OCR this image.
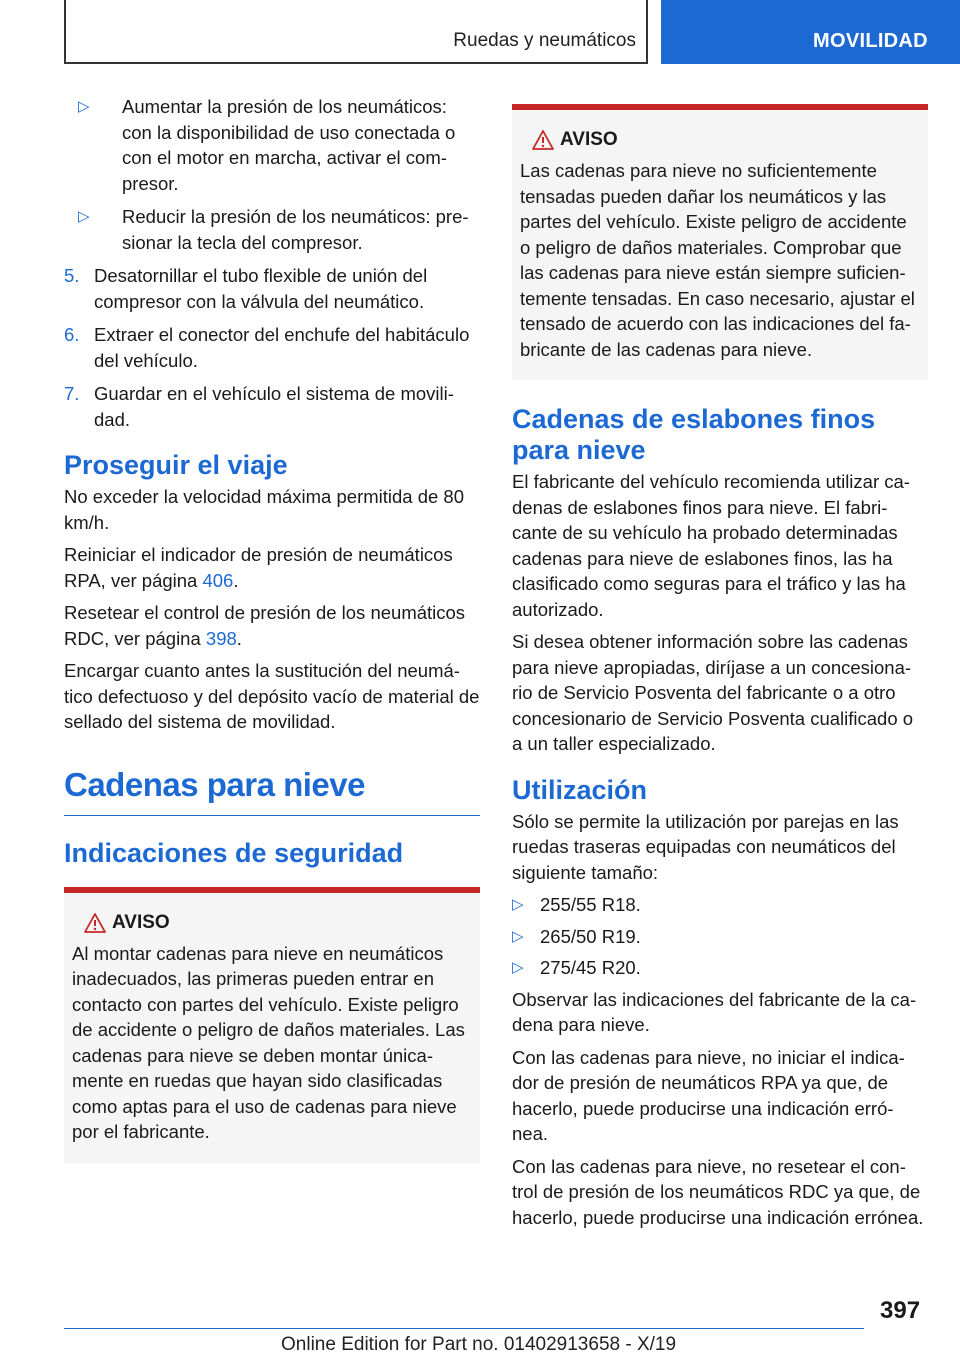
Ruedas y neumáticos	MOVILIDAD
▷ Aumentar la presión de los neumáticos: con la disponibilidad de uso conectada o con el motor en marcha, activar el com- presor.
▷ Reducir la presión de los neumáticos: pre- sionar la tecla del compresor.
5. Desatornillar el tubo flexible de unión del compresor con la válvula del neumático.
6. Extraer el conector del enchufe del habitáculo del vehículo.
7. Guardar en el vehículo el sistema de movili- dad.
Proseguir el viaje

No exceder la velocidad máxima permitida de 80 km/h.

Reiniciar el indicador de presión de neumáticos RPA, ver página 406.

Resetear el control de presión de los neumáticos RDC, ver página 398.

Encargar cuanto antes la sustitución del neumá- tico defectuoso y del depósito vacío de material de sellado del sistema de movilidad.

Cadenas para nieve
Indicaciones de seguridad
AVISO
Al montar cadenas para nieve en neumáticos inadecuados, las primeras pueden entrar en contacto con partes del vehículo. Existe peligro de accidente o peligro de daños materiales. Las cadenas para nieve se deben montar única- mente en ruedas que hayan sido clasificadas como aptas para el uso de cadenas para nieve por el fabricante.
AVISO
Las cadenas para nieve no suficientemente tensadas pueden dañar los neumáticos y las partes del vehículo. Existe peligro de accidente o peligro de daños materiales. Comprobar que las cadenas para nieve están siempre suficien- temente tensadas. En caso necesario, ajustar el tensado de acuerdo con las indicaciones del fa- bricante de las cadenas para nieve.
Cadenas de eslabones finos para nieve

El fabricante del vehículo recomienda utilizar ca- denas de eslabones finos para nieve. El fabri- cante de su vehículo ha probado determinadas cadenas para nieve de eslabones finos, las ha clasificado como seguras para el tráfico y las ha autorizado.

Si desea obtener información sobre las cadenas para nieve apropiadas, diríjase a un concesiona- rio de Servicio Posventa del fabricante o a otro concesionario de Servicio Posventa cualificado o a un taller especializado.

Utilización

Sólo se permite la utilización por parejas en las ruedas traseras equipadas con neumáticos del siguiente tamaño:

▷ 255/55 R18.
▷ 265/50 R19.
▷ 275/45 R20.

Observar las indicaciones del fabricante de la ca- dena para nieve.

Con las cadenas para nieve, no iniciar el indica- dor de presión de neumáticos RPA ya que, de hacerlo, puede producirse una indicación erró- nea.

Con las cadenas para nieve, no resetear el con- trol de presión de los neumáticos RDC ya que, de hacerlo, puede producirse una indicación errónea.

397
Online Edition for Part no. 01402913658 - X/19
